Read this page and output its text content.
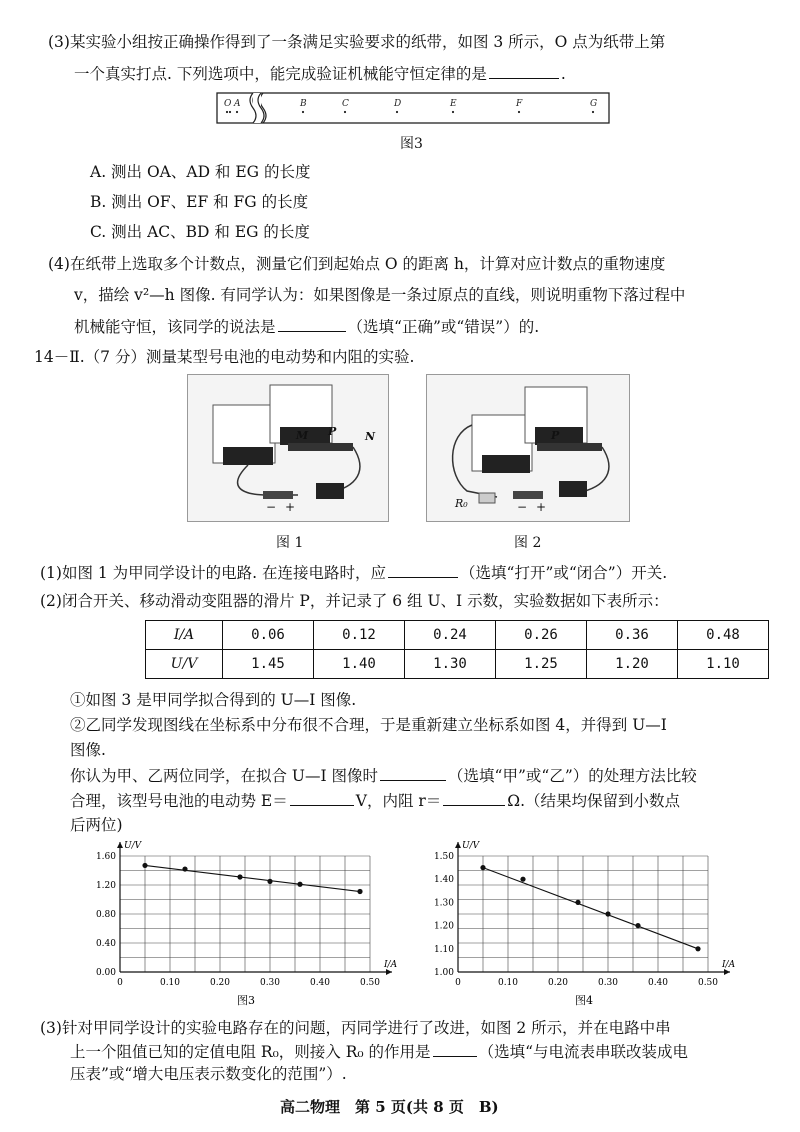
(3)某实验小组按正确操作得到了一条满足实验要求的纸带，如图 3 所示，O 点为纸带上第
一个真实打点. 下列选项中，能完成验证机械能守恒定律的是	.
O A	B	C	D	E	F	G
图3
A. 测出 OA、AD 和 EG 的长度
B. 测出 OF、EF 和 FG 的长度
C. 测出 AC、BD 和 EG 的长度
(4)在纸带上选取多个计数点，测量它们到起始点 O 的距离 h，计算对应计数点的重物速度
v，描绘 v²—h 图像. 有同学认为：如果图像是一条过原点的直线，则说明重物下落过程中
机械能守恒，该同学的说法是	（选填“正确”或“错误”）的.
14－Ⅱ.（7 分）测量某型号电池的电动势和内阻的实验.
M P	N
− +
图 1
P
R₀	− +
图 2
(1)如图 1 为甲同学设计的电路. 在连接电路时，应	（选填“打开”或“闭合”）开关.
(2)闭合开关、移动滑动变阻器的滑片 P，并记录了 6 组 U、I 示数，实验数据如下表所示：
I/A	0.06	0.12	0.24	0.26	0.36	0.48
U/V	1.45	1.40	1.30	1.25	1.20	1.10
①如图 3 是甲同学拟合得到的 U—I 图像.
②乙同学发现图线在坐标系中分布很不合理，于是重新建立坐标系如图 4，并得到 U—I
图像.
你认为甲、乙两位同学，在拟合 U—I 图像时	（选填“甲”或“乙”）的处理方法比较
合理，该型号电池的电动势 E＝	V，内阻 r＝	Ω.（结果均保留到小数点
后两位)
U/V
I/A
0	0.10	0.20	0.30	0.40	0.50
0.00
0.40
0.80
1.20
1.60
图3
U/V
I/A
0	0.10	0.20	0.30	0.40	0.50
1.00
1.10
1.20
1.30
1.40
1.50
图4
(3)针对甲同学设计的实验电路存在的问题，丙同学进行了改进，如图 2 所示，并在电路中串
上一个阻值已知的定值电阻 R₀，则接入 R₀ 的作用是	（选填“与电流表串联改装成电
压表”或“增大电压表示数变化的范围”）.
高二物理　第 5 页(共 8 页　B)
